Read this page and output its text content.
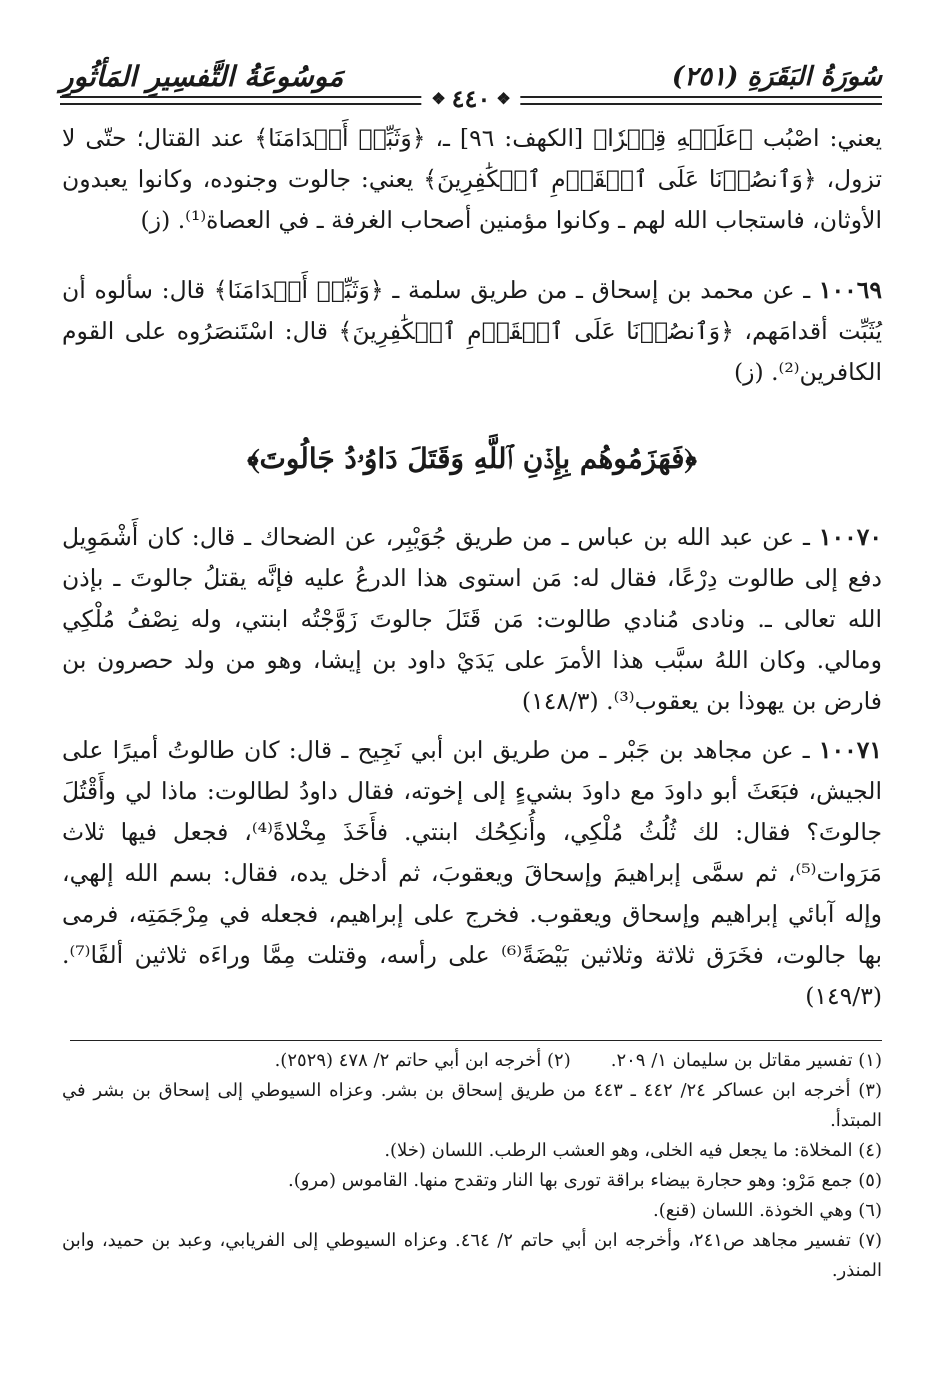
سُورَةُ البَقَرَةِ (٢٥١)
❖
٤٤٠
❖
مَوسُوعَةُ التَّفسِيرِ المَأثُورِ

يعني: اصْبُب ﴿عَلَيۡهِ قِطۡرٗا﴾ [الكهف: ٩٦] ـ، ﴿وَثَبِّتۡ أَقۡدَامَنَا﴾ عند القتال؛ حتّى لا تزول، ﴿وَٱنصُرۡنَا عَلَى ٱلۡقَوۡمِ ٱلۡكَٰفِرِينَ﴾ يعني: جالوت وجنوده، وكانوا يعبدون الأوثان، فاستجاب الله لهم ـ وكانوا مؤمنين أصحاب الغرفة ـ في العصاة⁽¹⁾. (ز)

١٠٠٦٩ ـ عن محمد بن إسحاق ـ من طريق سلمة ـ ﴿وَثَبِّتۡ أَقۡدَامَنَا﴾ قال: سألوه أن يُثَبِّت أقدامَهم، ﴿وَٱنصُرۡنَا عَلَى ٱلۡقَوۡمِ ٱلۡكَٰفِرِينَ﴾ قال: اسْتَنصَرُوه على القوم الكافرين⁽²⁾. (ز)

﴿فَهَزَمُوهُم بِإِذۡنِ ٱللَّهِ وَقَتَلَ دَاوُۥدُ جَالُوتَ﴾

١٠٠٧٠ ـ عن عبد الله بن عباس ـ من طريق جُوَيْبِر، عن الضحاك ـ قال: كان أَشْمَوِيل دفع إلى طالوت دِرْعًا، فقال له: مَن استوى هذا الدرعُ عليه فإنَّه يقتلُ جالوتَ ـ بإذن الله تعالى ـ. ونادى مُنادي طالوت: مَن قَتَلَ جالوتَ زَوَّجْتُه ابنتي، وله نِصْفُ مُلْكِي ومالي. وكان اللهُ سبَّب هذا الأمرَ على يَدَيْ داود بن إيشا، وهو من ولد حصرون بن فارض بن يهوذا بن يعقوب⁽³⁾. (١٤٨/٣)

١٠٠٧١ ـ عن مجاهد بن جَبْر ـ من طريق ابن أبي نَجِيح ـ قال: كان طالوتُ أميرًا على الجيش، فبَعَثَ أبو داودَ مع داودَ بشيءٍ إلى إخوته، فقال داودُ لطالوت: ماذا لي وأَقْتُلَ جالوتَ؟ فقال: لك ثُلُثُ مُلْكِي، وأُنكِحُك ابنتي. فأَخَذَ مِخْلاةً⁽⁴⁾، فجعل فيها ثلاث مَرَوات⁽⁵⁾، ثم سمَّى إبراهيمَ وإسحاقَ ويعقوبَ، ثم أدخل يده، فقال: بسم الله إلهي، وإله آبائي إبراهيم وإسحاق ويعقوب. فخرج على إبراهيم، فجعله في مِرْجَمَتِه، فرمى بها جالوت، فخَرَق ثلاثة وثلاثين بَيْضَةً⁽⁶⁾ على رأسه، وقتلت مِمَّا وراءَه ثلاثين ألفًا⁽⁷⁾. (١٤٩/٣)

(١) تفسير مقاتل بن سليمان ١/ ٢٠٩.
(٢) أخرجه ابن أبي حاتم ٢/ ٤٧٨ (٢٥٢٩).
(٣) أخرجه ابن عساكر ٢٤/ ٤٤٢ ـ ٤٤٣ من طريق إسحاق بن بشر. وعزاه السيوطي إلى إسحاق بن بشر في المبتدأ.
(٤) المخلاة: ما يجعل فيه الخلى، وهو العشب الرطب. اللسان (خلا).
(٥) جمع مَرْو: وهو حجارة بيضاء براقة تورى بها النار وتقدح منها. القاموس (مرو).
(٦) وهي الخوذة. اللسان (قنع).
(٧) تفسير مجاهد ص٢٤١، وأخرجه ابن أبي حاتم ٢/ ٤٦٤. وعزاه السيوطي إلى الفريابي، وعبد بن حميد، وابن المنذر.
